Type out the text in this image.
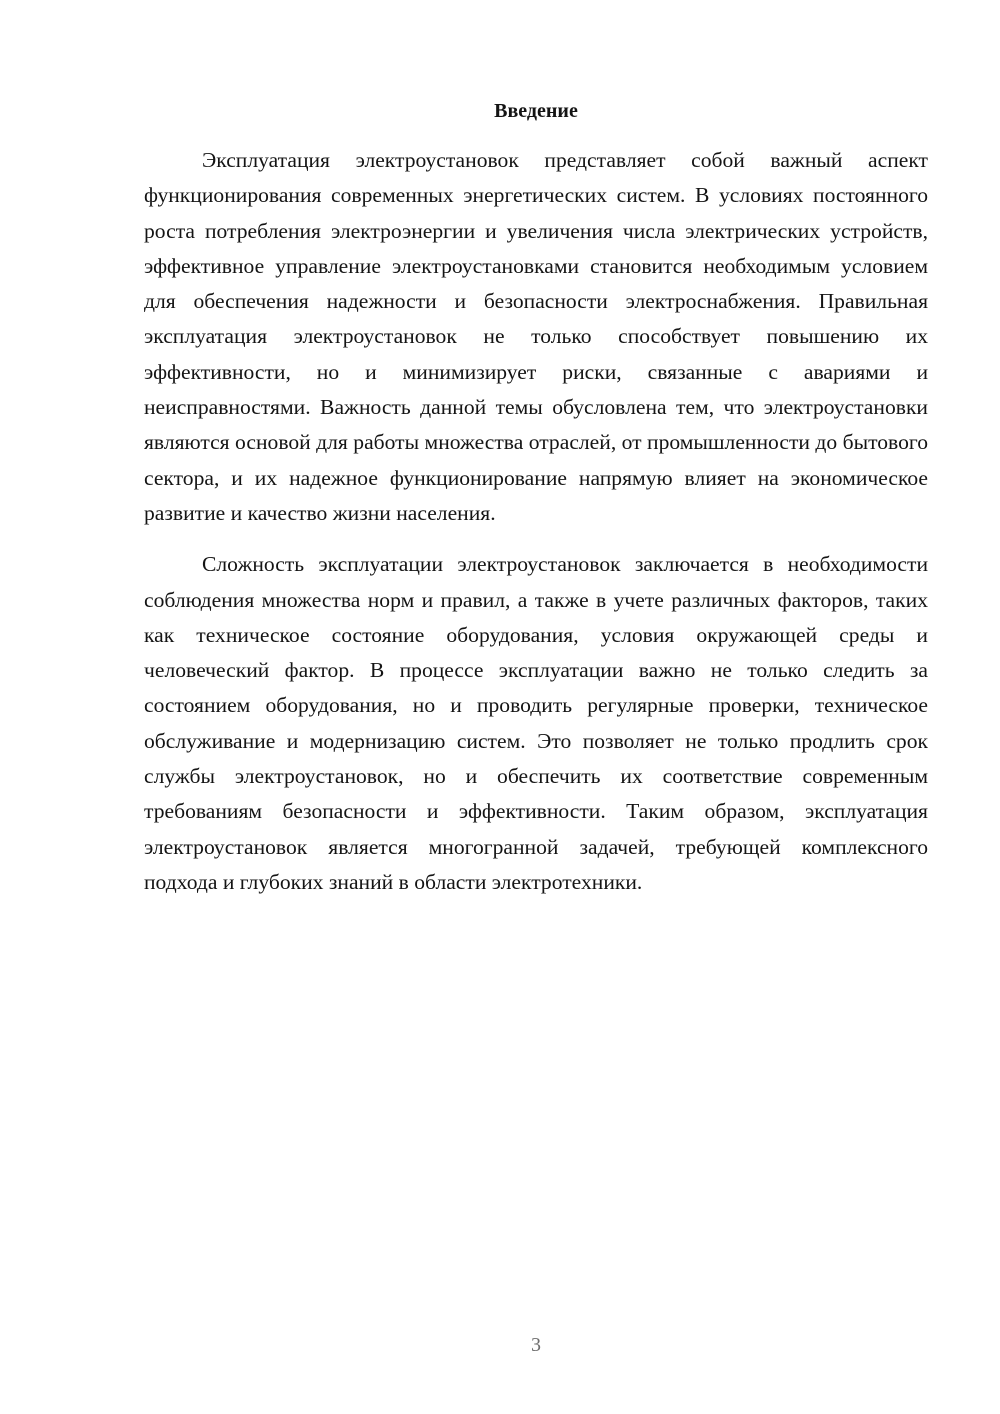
Введение

Эксплуатация электроустановок представляет собой важный аспект функционирования современных энергетических систем. В условиях постоянного роста потребления электроэнергии и увеличения числа электрических устройств, эффективное управление электроустановками становится необходимым условием для обеспечения надежности и безопасности электроснабжения. Правильная эксплуатация электроустановок не только способствует повышению их эффективности, но и минимизирует риски, связанные с авариями и неисправностями. Важность данной темы обусловлена тем, что электроустановки являются основой для работы множества отраслей, от промышленности до бытового сектора, и их надежное функционирование напрямую влияет на экономическое развитие и качество жизни населения.

Сложность эксплуатации электроустановок заключается в необходимости соблюдения множества норм и правил, а также в учете различных факторов, таких как техническое состояние оборудования, условия окружающей среды и человеческий фактор. В процессе эксплуатации важно не только следить за состоянием оборудования, но и проводить регулярные проверки, техническое обслуживание и модернизацию систем. Это позволяет не только продлить срок службы электроустановок, но и обеспечить их соответствие современным требованиям безопасности и эффективности. Таким образом, эксплуатация электроустановок является многогранной задачей, требующей комплексного подхода и глубоких знаний в области электротехники.

3
